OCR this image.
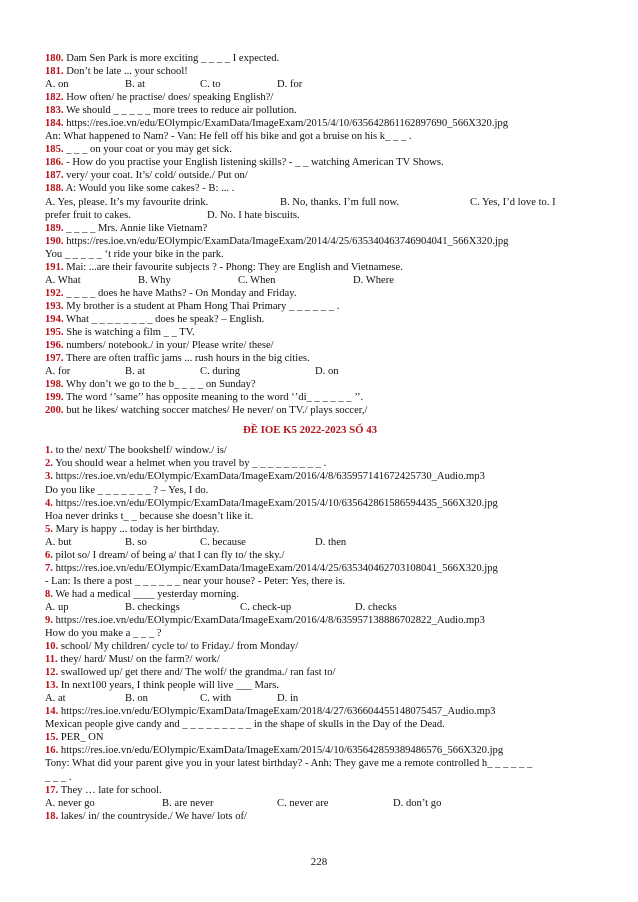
180. Dam Sen Park is more exciting _ _ _ _ I expected.
181. Don’t be late ... your school!
A. on	B. at	C. to	D. for
182. How often/ he practise/ does/ speaking English?/
183. We should _ _ _ _ _ more trees to reduce air pollution.
184. https://res.ioe.vn/edu/EOlympic/ExamData/ImageExam/2015/4/10/635642861162897690_566X320.jpg
An: What happened to Nam? - Van: He fell off his bike and got a bruise on his k_ _ _ .
185. _ _ _ on your coat or you may get sick.
186. - How do you practise your English listening skills? - _ _ watching American TV Shows.
187. very/ your coat. It’s/ cold/ outside./ Put on/
188. A: Would you like some cakes? - B: ... .
A. Yes, please. It’s my favourite drink.	B. No, thanks. I’m full now.	C. Yes, I’d love to. I
prefer fruit to cakes.	D. No. I hate biscuits.
189. _ _ _ _ Mrs. Annie like Vietnam?
190. https://res.ioe.vn/edu/EOlympic/ExamData/ImageExam/2014/4/25/635340463746904041_566X320.jpg
You _ _ _ _ _ ‘t ride your bike in the park.
191. Mai: ...are their favourite subjects ? - Phong: They are English and Vietnamese.
A. What	B. Why	C. When	D. Where
192. _ _ _ _ does he have Maths? - On Monday and Friday.
193. My brother is a student at Pham Hong Thai Primary _ _ _ _ _ _ .
194. What _ _ _ _ _ _ _ _ does he speak? – English.
195. She is watching a film _ _ TV.
196. numbers/ notebook./ in your/ Please write/ these/
197. There are often traffic jams ... rush hours in the big cities.
A. for	B. at	C. during	D. on
198. Why don’t we go to the b_ _ _ _ on Sunday?
199. The word ‘’same’’ has opposite meaning to the word ‘’di_ _ _ _ _ _ ’’.
200. but he likes/ watching soccer matches/ He never/ on TV./ plays soccer,/
ĐỀ IOE K5 2022-2023 SỐ 43
1. to the/ next/ The bookshelf/ window./ is/
2. You should wear a helmet when you travel by _ _ _ _ _ _ _ _ _ .
3. https://res.ioe.vn/edu/EOlympic/ExamData/ImageExam/2016/4/8/635957141672425730_Audio.mp3
Do you like _ _ _ _ _ _ _ ? – Yes, I do.
4. https://res.ioe.vn/edu/EOlympic/ExamData/ImageExam/2015/4/10/635642861586594435_566X320.jpg
Hoa never drinks t_ _ because she doesn’t like it.
5. Mary is happy ... today is her birthday.
A. but	B. so	C. because	D. then
6. pilot so/ I dream/ of being a/ that I can fly to/ the sky./
7. https://res.ioe.vn/edu/EOlympic/ExamData/ImageExam/2014/4/25/635340462703108041_566X320.jpg
- Lan: Is there a post _ _ _ _ _ _ near your house? - Peter: Yes, there is.
8. We had a medical ____ yesterday morning.
A. up	B. checkings	C. check-up	D. checks
9. https://res.ioe.vn/edu/EOlympic/ExamData/ImageExam/2016/4/8/635957138886702822_Audio.mp3
How do you make a _ _ _ ?
10. school/ My children/ cycle to/ to Friday./ from Monday/
11. they/ hard/ Must/ on the farm?/ work/
12. swallowed up/ get there and/ The wolf/ the grandma./ ran fast to/
13. In next100 years, I think people will live ___ Mars.
A. at	B. on	C. with	D. in
14. https://res.ioe.vn/edu/EOlympic/ExamData/ImageExam/2018/4/27/636604455148075457_Audio.mp3
Mexican people give candy and _ _ _ _ _ _ _ _ _ in the shape of skulls in the Day of the Dead.
15. PER_ ON
16. https://res.ioe.vn/edu/EOlympic/ExamData/ImageExam/2015/4/10/635642859389486576_566X320.jpg
Tony: What did your parent give you in your latest birthday? - Anh: They gave me a remote controlled h_ _ _ _ _ _
_ _ _ .
17. They … late for school.
A. never go	B. are never	C. never are	D. don’t go
18. lakes/ in/ the countryside./ We have/ lots of/
228
